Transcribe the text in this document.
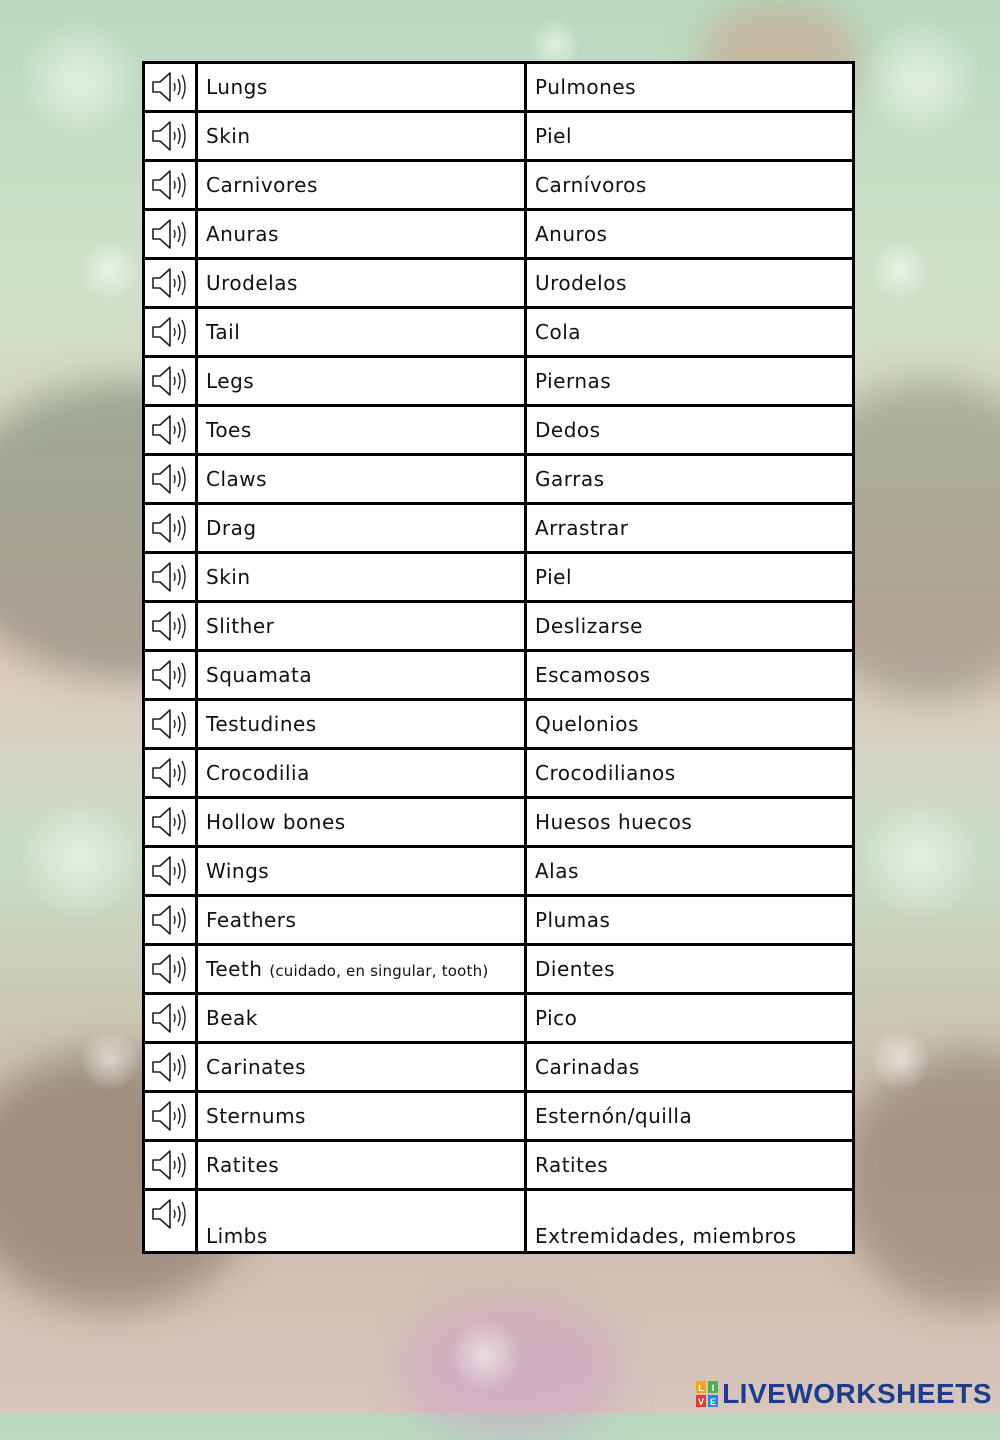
	Lungs	Pulmones
	Skin	Piel
	Carnivores	Carnívoros
	Anuras	Anuros
	Urodelas	Urodelos
	Tail	Cola
	Legs	Piernas
	Toes	Dedos
	Claws	Garras
	Drag	Arrastrar
	Skin	Piel
	Slither	Deslizarse
	Squamata	Escamosos
	Testudines	Quelonios
	Crocodilia	Crocodilianos
	Hollow bones	Huesos huecos
	Wings	Alas
	Feathers	Plumas
	Teeth (cuidado, en singular, tooth)	Dientes
	Beak	Pico
	Carinates	Carinadas
	Sternums	Esternón/quilla
	Ratites	Ratites
	Limbs	Extremidades, miembros
L I
V E LIVEWORKSHEETS
